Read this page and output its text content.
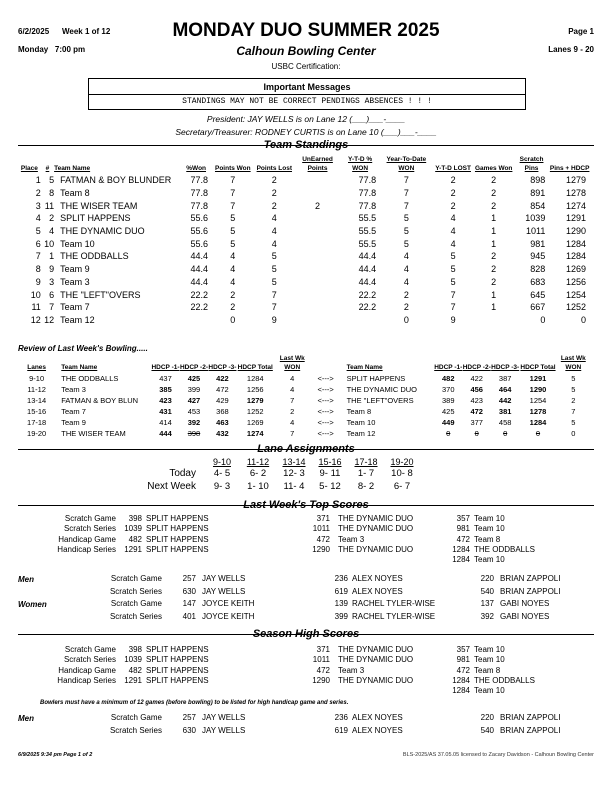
6/2/2025 Week 1 of 12	MONDAY DUO SUMMER 2025	Page 1
Monday   7:00 pm	Calhoun Bowling Center	Lanes 9 - 20
USBC Certification:
Important Messages
STANDINGS MAY NOT BE CORRECT PENDINGS ABSENCES ! ! !
President: JAY WELLS is on Lane 12 (___)___-____
Secretary/Treasurer: RODNEY CURTIS is on Lane 10 (___)___-____
Team Standings
Place	#	Team Name	%Won	Points Won	Points Lost	UnEarned Points	Y-T-D % WON	Year-To-Date WON	Y-T-D LOST	Games Won	Scratch Pins	Pins + HDCP
1	5	FATMAN & BOY BLUNDER	77.8	7	2		77.8	7	2	2	898	1279
2	8	Team 8	77.8	7	2		77.8	7	2	2	891	1278
3	11	THE WISER TEAM	77.8	7	2	2	77.8	7	2	2	854	1274
4	2	SPLIT HAPPENS	55.6	5	4		55.5	5	4	1	1039	1291
5	4	THE DYNAMIC DUO	55.6	5	4		55.5	5	4	1	1011	1290
6	10	Team 10	55.6	5	4		55.5	5	4	1	981	1284
7	1	THE ODDBALLS	44.4	4	5		44.4	4	5	2	945	1284
8	9	Team 9	44.4	4	5		44.4	4	5	2	828	1269
9	3	Team 3	44.4	4	5		44.4	4	5	2	683	1256
10	6	THE "LEFT"OVERS	22.2	2	7		22.2	2	7	1	645	1254
11	7	Team 7	22.2	2	7		22.2	2	7	1	667	1252
12	12	Team 12		0	9			0	9		0	0
Review of Last Week's Bowling.....
Lanes	Team Name	HDCP -1-	HDCP -2-	HDCP -3-	HDCP Total	Last Wk WON		Team Name	HDCP -1-	HDCP -2-	HDCP -3-	HDCP Total	Last Wk WON
9-10	THE ODDBALLS	437	425	422	1284	4	<--->	SPLIT HAPPENS	482	422	387	1291	5
11-12	Team 3	385	399	472	1256	4	<--->	THE DYNAMIC DUO	370	456	464	1290	5
13-14	FATMAN & BOY BLUN	423	427	429	1279	7	<--->	THE "LEFT"OVERS	389	423	442	1254	2
15-16	Team 7	431	453	368	1252	2	<--->	Team 8	425	472	381	1278	7
17-18	Team 9	414	392	463	1269	4	<--->	Team 10	449	377	458	1284	5
19-20	THE WISER TEAM	444	398	432	1274	7	<--->	Team 12	0	0	0	0	0
Lane Assignments
	9-10	11-12	13-14	15-16	17-18	19-20
Today	4- 5	6- 2	12- 3	9- 11	1- 7	10- 8
Next Week	9- 3	1- 10	11- 4	5- 12	8- 2	6- 7
Last Week's Top Scores
Scratch Game	398 SPLIT HAPPENS	371 THE DYNAMIC DUO	357 Team 10
Scratch Series	1039 SPLIT HAPPENS	1011 THE DYNAMIC DUO	981 Team 10
Handicap Game	482 SPLIT HAPPENS	472 Team 3	472 Team 8
Handicap Series	1291 SPLIT HAPPENS	1290 THE DYNAMIC DUO	1284 THE ODDBALLS
1284 Team 10
Men	Scratch Game	257 JAY WELLS	236 ALEX NOYES	220 BRIAN ZAPPOLI
Scratch Series	630 JAY WELLS	619 ALEX NOYES	540 BRIAN ZAPPOLI
Women	Scratch Game	147 JOYCE KEITH	139 RACHEL TYLER-WISE	137 GABI NOYES
Scratch Series	401 JOYCE KEITH	399 RACHEL TYLER-WISE	392 GABI NOYES
Season High Scores
Scratch Game	398 SPLIT HAPPENS	371 THE DYNAMIC DUO	357 Team 10
Scratch Series	1039 SPLIT HAPPENS	1011 THE DYNAMIC DUO	981 Team 10
Handicap Game	482 SPLIT HAPPENS	472 Team 3	472 Team 8
Handicap Series	1291 SPLIT HAPPENS	1290 THE DYNAMIC DUO	1284 THE ODDBALLS
1284 Team 10
Bowlers must have a minimum of 12 games (before bowling) to be listed for high handicap game and series.
Men	Scratch Game	257 JAY WELLS	236 ALEX NOYES	220 BRIAN ZAPPOLI
Scratch Series	630 JAY WELLS	619 ALEX NOYES	540 BRIAN ZAPPOLI
6/9/2025 9:34 pm Page 1 of 2	BLS-2025/AS 37.05.05 licensed to Zacary Davidson - Calhoun Bowling Center
